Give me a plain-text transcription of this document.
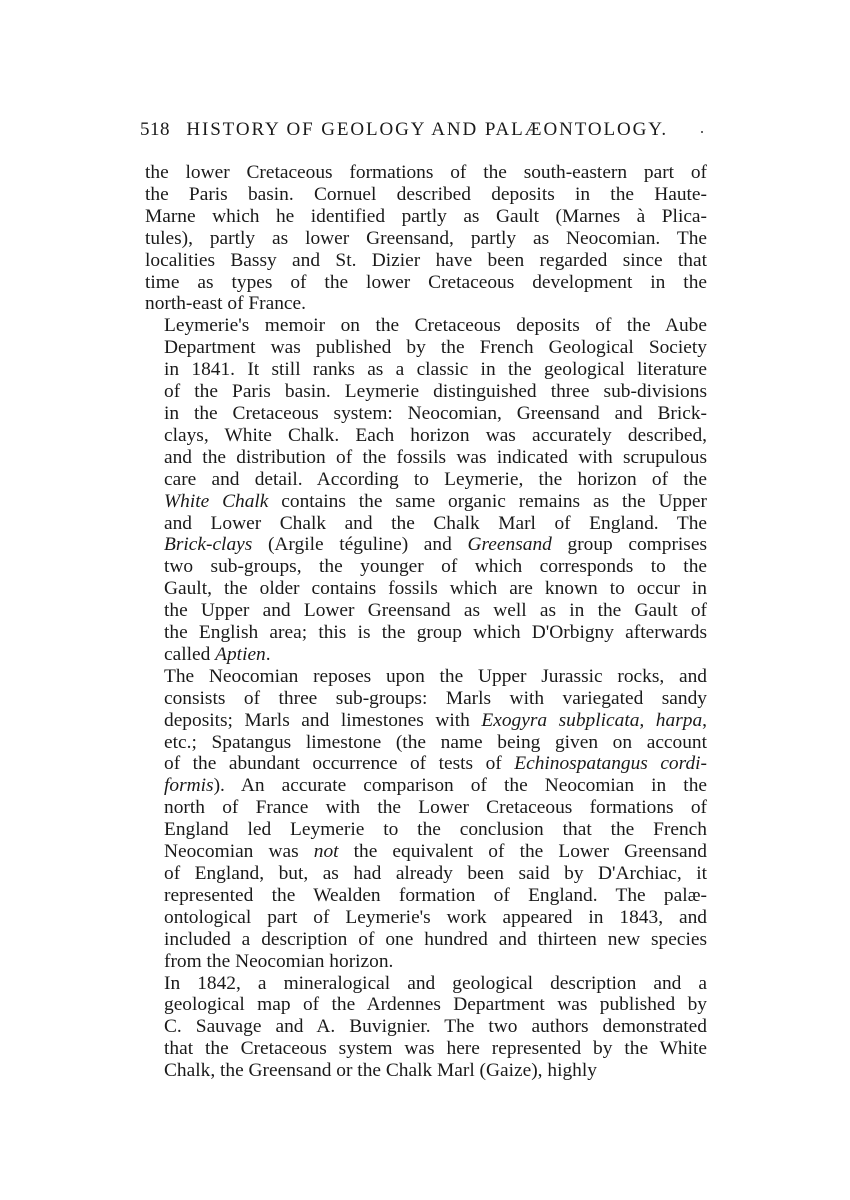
518 HISTORY OF GEOLOGY AND PALÆONTOLOGY.

the lower Cretaceous formations of the south-eastern part of
the Paris basin. Cornuel described deposits in the Haute-
Marne which he identified partly as Gault (Marnes à Plica-
tules), partly as lower Greensand, partly as Neocomian. The
localities Bassy and St. Dizier have been regarded since that
time as types of the lower Cretaceous development in the
north-east of France.

Leymerie's memoir on the Cretaceous deposits of the Aube
Department was published by the French Geological Society
in 1841. It still ranks as a classic in the geological literature
of the Paris basin. Leymerie distinguished three sub-divisions
in the Cretaceous system: Neocomian, Greensand and Brick-
clays, White Chalk. Each horizon was accurately described,
and the distribution of the fossils was indicated with scrupulous
care and detail. According to Leymerie, the horizon of the
White Chalk contains the same organic remains as the Upper
and Lower Chalk and the Chalk Marl of England. The
Brick-clays (Argile téguline) and Greensand group comprises
two sub-groups, the younger of which corresponds to the
Gault, the older contains fossils which are known to occur in
the Upper and Lower Greensand as well as in the Gault of
the English area; this is the group which D'Orbigny afterwards
called Aptien.

The Neocomian reposes upon the Upper Jurassic rocks, and
consists of three sub-groups: Marls with variegated sandy
deposits; Marls and limestones with Exogyra subplicata, harpa,
etc.; Spatangus limestone (the name being given on account
of the abundant occurrence of tests of Echinospatangus cordi-
formis). An accurate comparison of the Neocomian in the
north of France with the Lower Cretaceous formations of
England led Leymerie to the conclusion that the French
Neocomian was not the equivalent of the Lower Greensand
of England, but, as had already been said by D'Archiac, it
represented the Wealden formation of England. The palæ-
ontological part of Leymerie's work appeared in 1843, and
included a description of one hundred and thirteen new species
from the Neocomian horizon.

In 1842, a mineralogical and geological description and a
geological map of the Ardennes Department was published by
C. Sauvage and A. Buvignier. The two authors demonstrated
that the Cretaceous system was here represented by the White
Chalk, the Greensand or the Chalk Marl (Gaize), highly
